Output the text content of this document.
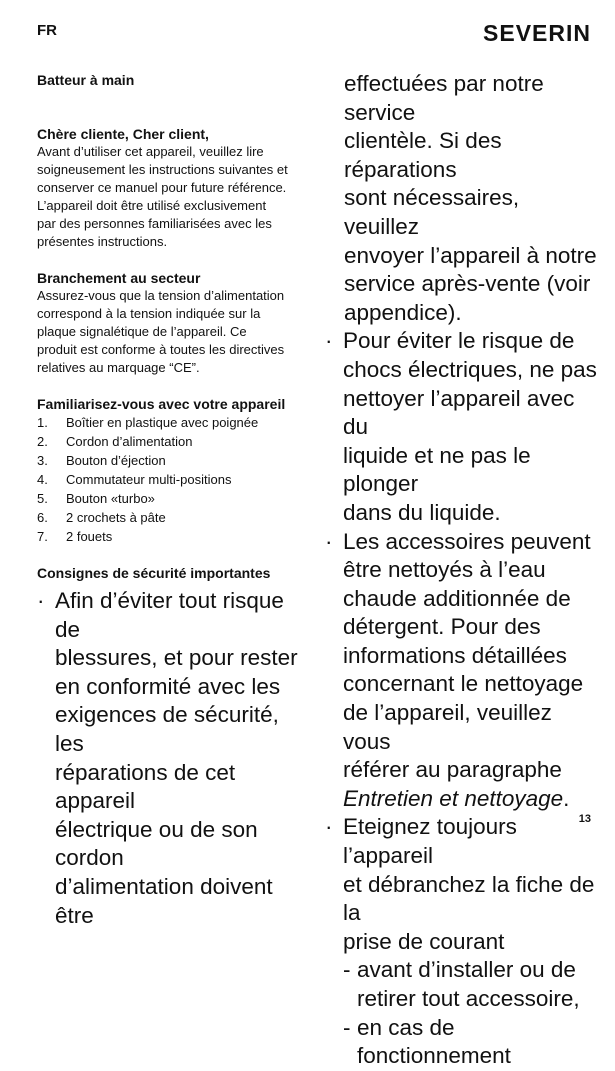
FR	SEVERIN

Batteur à main

Chère cliente, Cher client,

Avant d’utiliser cet appareil, veuillez lire

soigneusement les instructions suivantes et

conserver ce manuel pour future référence.

L’appareil doit être utilisé exclusivement

par des personnes familiarisées avec les

présentes instructions.

Branchement au secteur

Assurez-vous que la tension d’alimentation

correspond à la tension indiquée sur la

plaque signalétique de l’appareil. Ce

produit est conforme à toutes les directives

relatives au marquage “CE”.

Familiarisez-vous avec votre appareil

1.	Boîtier en plastique avec poignée
2.	Cordon d’alimentation
3.	Bouton d’éjection
4.	Commutateur multi-positions
5.	Bouton «turbo»
6.	2 crochets à pâte
7.	2 fouets

Consignes de sécurité importantes

· Afin d’éviter tout risque de
blessures, et pour rester
en conformité avec les
exigences de sécurité, les
réparations de cet appareil
électrique ou de son cordon
d’alimentation doivent être
effectuées par notre service
clientèle. Si des réparations
sont nécessaires, veuillez
envoyer l’appareil à notre
service après-vente (voir
appendice).
· Pour éviter le risque de
chocs électriques, ne pas
nettoyer l’appareil avec du
liquide et ne pas le plonger
dans du liquide.
· Les accessoires peuvent
être nettoyés à l’eau
chaude additionnée de
détergent. Pour des
informations détaillées
concernant le nettoyage
de l’appareil, veuillez vous
référer au paragraphe
Entretien et nettoyage.
· Eteignez toujours l’appareil
et débranchez la fiche de la
prise de courant
- avant d’installer ou de
retirer tout accessoire,
- en cas de fonctionnement
13
